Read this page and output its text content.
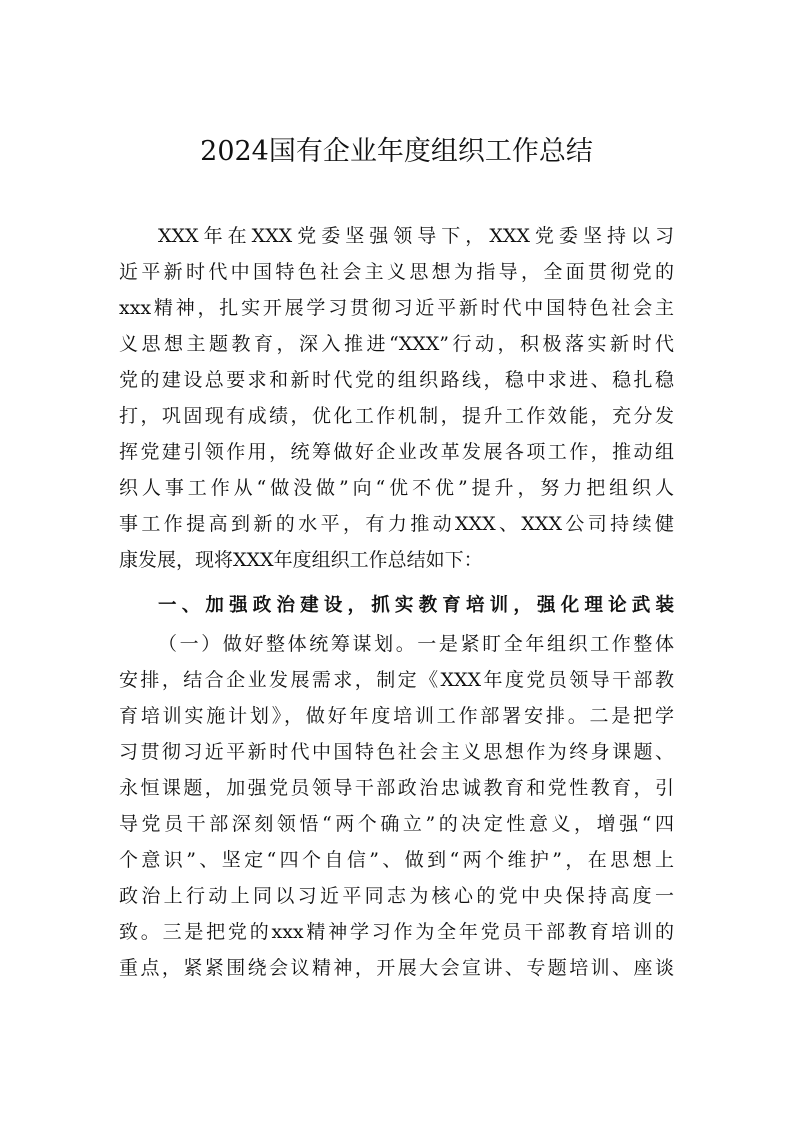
2024国有企业年度组织工作总结
XXX年在XXX党委坚强领导下，XXX党委坚持以习
近平新时代中国特色社会主义思想为指导，全面贯彻党的
xxx精神，扎实开展学习贯彻习近平新时代中国特色社会主
义思想主题教育，深入推进“XXX”行动，积极落实新时代
党的建设总要求和新时代党的组织路线，稳中求进、稳扎稳
打，巩固现有成绩，优化工作机制，提升工作效能，充分发
挥党建引领作用，统筹做好企业改革发展各项工作，推动组
织人事工作从“做没做”向“优不优”提升，努力把组织人
事工作提高到新的水平，有力推动XXX、XXX公司持续健
康发展，现将XXX年度组织工作总结如下：
一、加强政治建设，抓实教育培训，强化理论武装
（一）做好整体统筹谋划。一是紧盯全年组织工作整体
安排，结合企业发展需求，制定《XXX年度党员领导干部教
育培训实施计划》，做好年度培训工作部署安排。二是把学
习贯彻习近平新时代中国特色社会主义思想作为终身课题、
永恒课题，加强党员领导干部政治忠诚教育和党性教育，引
导党员干部深刻领悟“两个确立”的决定性意义，增强“四
个意识”、坚定“四个自信”、做到“两个维护”，在思想上
政治上行动上同以习近平同志为核心的党中央保持高度一
致。三是把党的xxx精神学习作为全年党员干部教育培训的
重点，紧紧围绕会议精神，开展大会宣讲、专题培训、座谈
